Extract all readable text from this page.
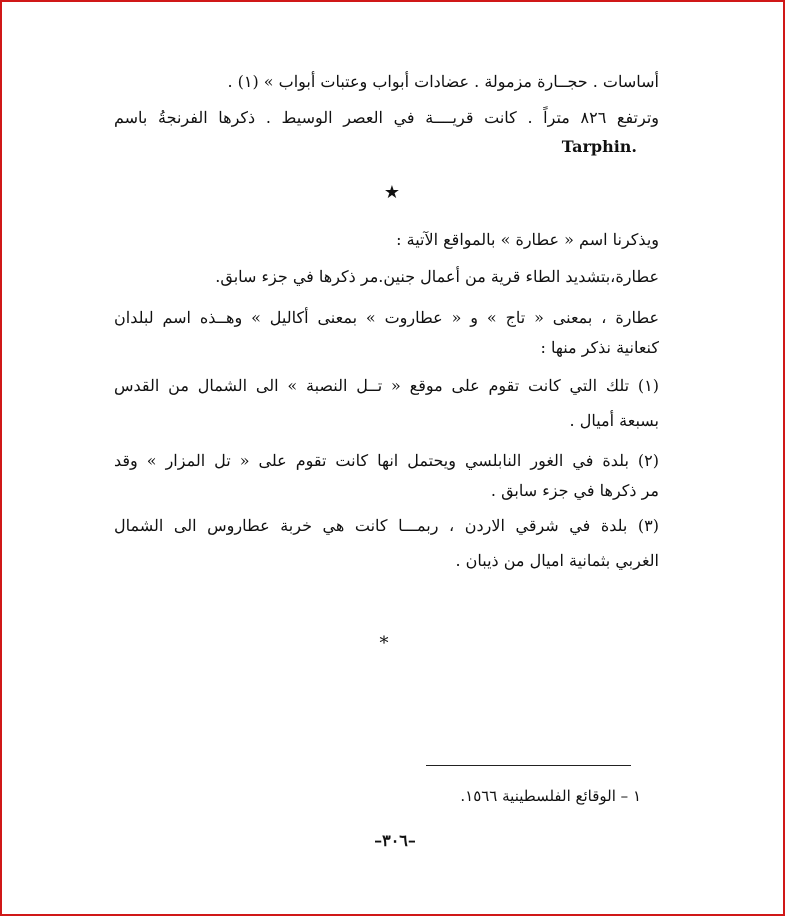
أساسات . حجــارة مزمولة . عضادات أبواب وعتبات أبواب » (١) .
وترتفع ٨٢٦ متراً . كانت قريــــة في العصر الوسيط . ذكرها الفرنجةُ باسم
Tarphin.
★
ويذكرنا اسم « عطارة » بالمواقع الآتية :
عطارة،بتشديد الطاء قرية من أعمال جنين.مر ذكرها في جزء سابق.
عطارة ، بمعنى « تاج » و « عطاروت » بمعنى أكاليل » وهــذه اسم لبلدان
كنعانية نذكر منها :
(١) تلك التي كانت تقوم على موقع « تــل النصبة » الى الشمال من القدس
بسبعة أميال .
(٢) بلدة في الغور النابلسي ويحتمل انها كانت تقوم على « تل المزار » وقد
مر ذكرها في جزء سابق .
(٣) بلدة في شرقي الاردن ، ربمـــا كانت هي خربة عطاروس الى الشمال
الغربي بثمانية اميال من ذيبان .
*
١ – الوقائع الفلسطينية ١٥٦٦.
–٣٠٦–
